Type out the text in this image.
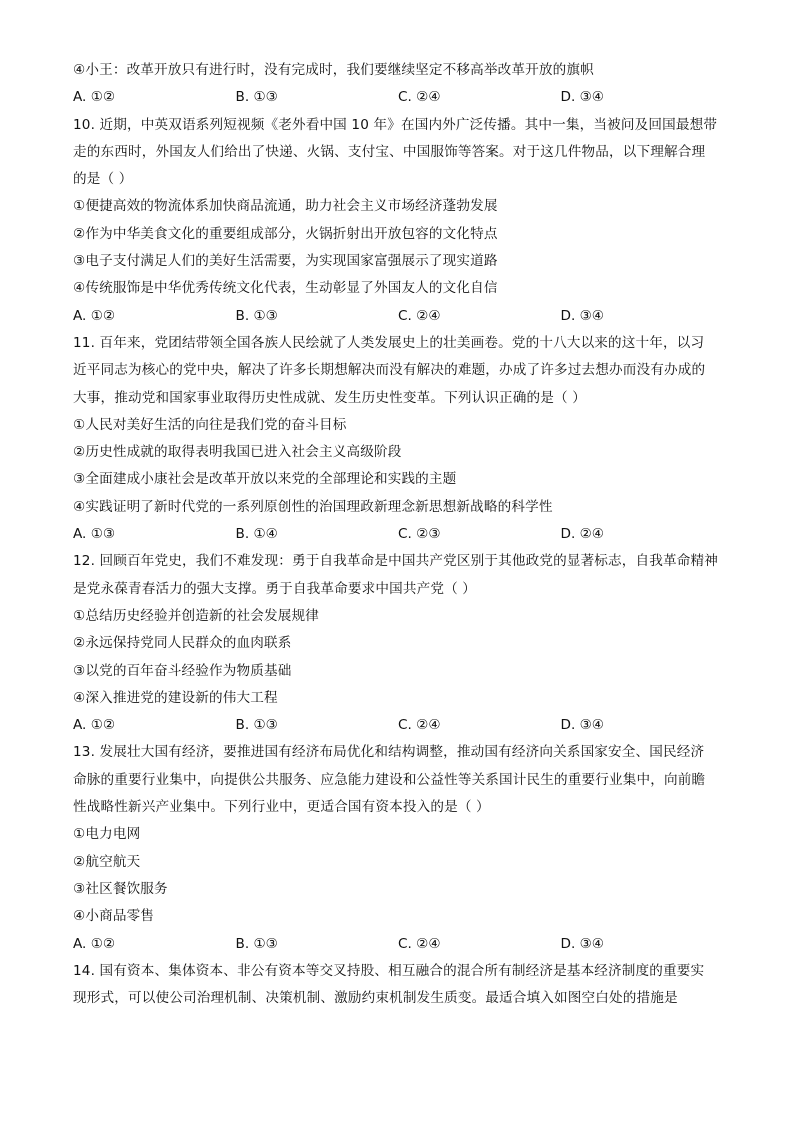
④小王：改革开放只有进行时，没有完成时，我们要继续坚定不移高举改革开放的旗帜
A. ①②	B. ①③	C. ②④	D. ③④
10. 近期，中英双语系列短视频《老外看中国 10 年》在国内外广泛传播。其中一集，当被问及回国最想带
走的东西时，外国友人们给出了快递、火锅、支付宝、中国服饰等答案。对于这几件物品，以下理解合理
的是（ ）
①便捷高效的物流体系加快商品流通，助力社会主义市场经济蓬勃发展
②作为中华美食文化的重要组成部分，火锅折射出开放包容的文化特点
③电子支付满足人们的美好生活需要，为实现国家富强展示了现实道路
④传统服饰是中华优秀传统文化代表，生动彰显了外国友人的文化自信
A. ①②	B. ①③	C. ②④	D. ③④
11. 百年来，党团结带领全国各族人民绘就了人类发展史上的壮美画卷。党的十八大以来的这十年，以习
近平同志为核心的党中央，解决了许多长期想解决而没有解决的难题，办成了许多过去想办而没有办成的
大事，推动党和国家事业取得历史性成就、发生历史性变革。下列认识正确的是（ ）
①人民对美好生活的向往是我们党的奋斗目标
②历史性成就的取得表明我国已进入社会主义高级阶段
③全面建成小康社会是改革开放以来党的全部理论和实践的主题
④实践证明了新时代党的一系列原创性的治国理政新理念新思想新战略的科学性
A. ①③	B. ①④	C. ②③	D. ②④
12. 回顾百年党史，我们不难发现：勇于自我革命是中国共产党区别于其他政党的显著标志，自我革命精神
是党永葆青春活力的强大支撑。勇于自我革命要求中国共产党（ ）
①总结历史经验并创造新的社会发展规律
②永远保持党同人民群众的血肉联系
③以党的百年奋斗经验作为物质基础
④深入推进党的建设新的伟大工程
A. ①②	B. ①③	C. ②④	D. ③④
13. 发展壮大国有经济，要推进国有经济布局优化和结构调整，推动国有经济向关系国家安全、国民经济
命脉的重要行业集中，向提供公共服务、应急能力建设和公益性等关系国计民生的重要行业集中，向前瞻
性战略性新兴产业集中。下列行业中，更适合国有资本投入的是（ ）
①电力电网
②航空航天
③社区餐饮服务
④小商品零售
A. ①②	B. ①③	C. ②④	D. ③④
14. 国有资本、集体资本、非公有资本等交叉持股、相互融合的混合所有制经济是基本经济制度的重要实
现形式，可以使公司治理机制、决策机制、激励约束机制发生质变。最适合填入如图空白处的措施是
